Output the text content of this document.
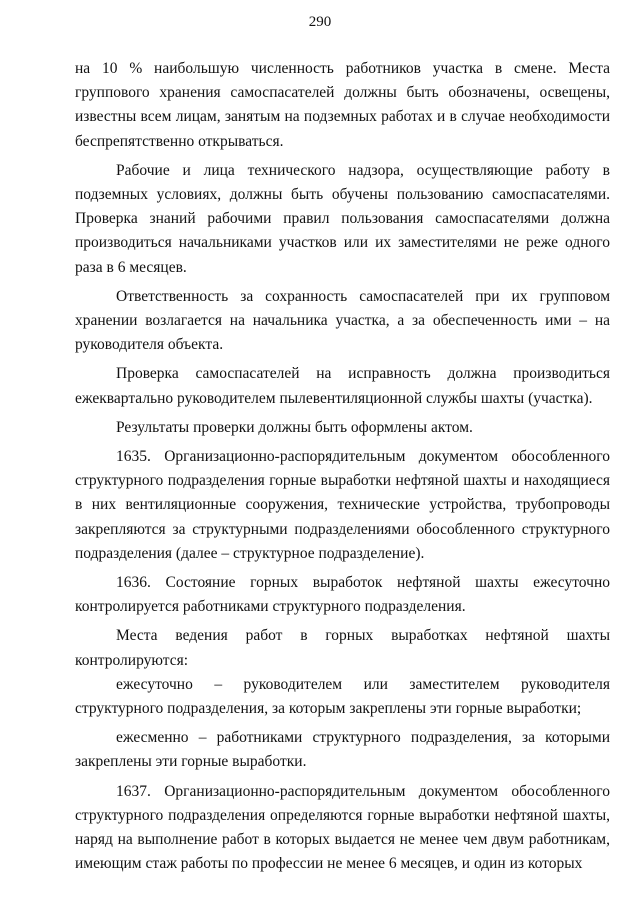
290

на 10 % наибольшую численность работников участка в смене. Места группового хранения самоспасателей должны быть обозначены, освещены, известны всем лицам, занятым на подземных работах и в случае необходимости беспрепятственно открываться.

Рабочие и лица технического надзора, осуществляющие работу в подземных условиях, должны быть обучены пользованию самоспасателями. Проверка знаний рабочими правил пользования самоспасателями должна производиться начальниками участков или их заместителями не реже одного раза в 6 месяцев.

Ответственность за сохранность самоспасателей при их групповом хранении возлагается на начальника участка, а за обеспеченность ими – на руководителя объекта.

Проверка самоспасателей на исправность должна производиться ежеквартально руководителем пылевентиляционной службы шахты (участка).

Результаты проверки должны быть оформлены актом.

1635. Организационно-распорядительным документом обособленного структурного подразделения горные выработки нефтяной шахты и находящиеся в них вентиляционные сооружения, технические устройства, трубопроводы закрепляются за структурными подразделениями обособленного структурного подразделения (далее – структурное подразделение).

1636. Состояние горных выработок нефтяной шахты ежесуточно контролируется работниками структурного подразделения.

Места ведения работ в горных выработках нефтяной шахты контролируются:

ежесуточно – руководителем или заместителем руководителя структурного подразделения, за которым закреплены эти горные выработки;

ежесменно – работниками структурного подразделения, за которыми закреплены эти горные выработки.

1637. Организационно-распорядительным документом обособленного структурного подразделения определяются горные выработки нефтяной шахты, наряд на выполнение работ в которых выдается не менее чем двум работникам, имеющим стаж работы по профессии не менее 6 месяцев, и один из которых
